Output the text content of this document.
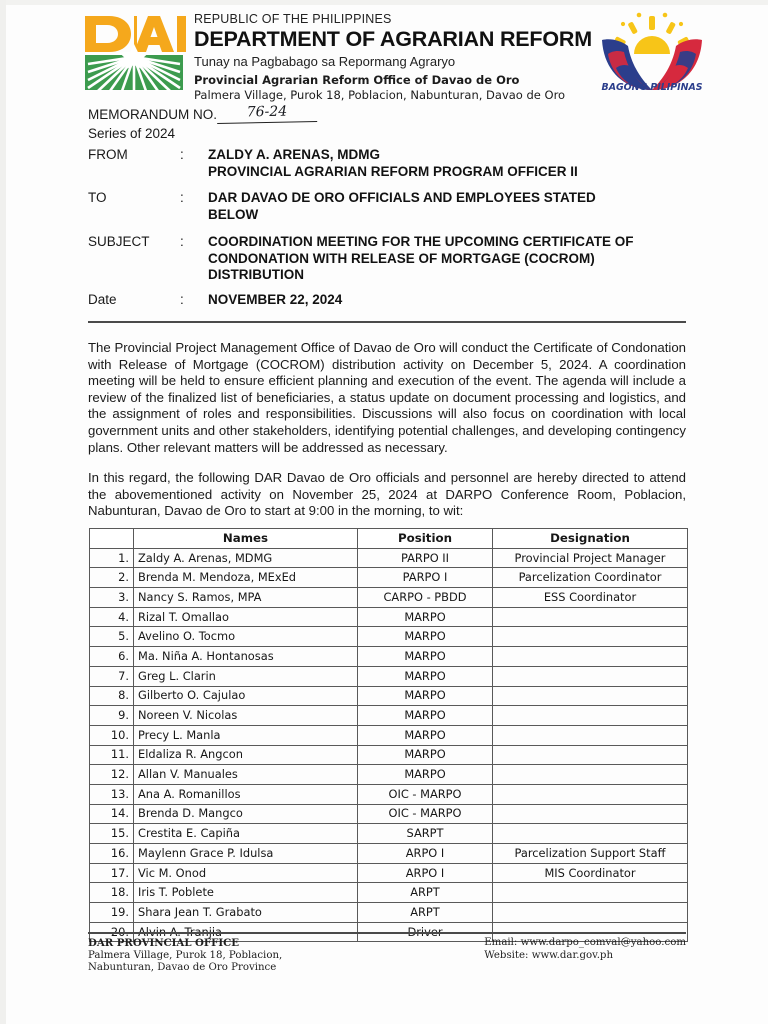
REPUBLIC OF THE PHILIPPINES
DEPARTMENT OF AGRARIAN REFORM
Tunay na Pagbabago sa Repormang Agraryo
Provincial Agrarian Reform Office of Davao de Oro
Palmera Village, Purok 18, Poblacion, Nabunturan, Davao de Oro
BAGONG PILIPINAS
MEMORANDUM NO.	76-24
Series of 2024
FROM	:	ZALDY A. ARENAS, MDMG
PROVINCIAL AGRARIAN REFORM PROGRAM OFFICER II
TO	:	DAR DAVAO DE ORO OFFICIALS AND EMPLOYEES STATED BELOW
SUBJECT	:	COORDINATION MEETING FOR THE UPCOMING CERTIFICATE OF CONDONATION WITH RELEASE OF MORTGAGE (COCROM) DISTRIBUTION
Date	:	NOVEMBER 22, 2024
The Provincial Project Management Office of Davao de Oro will conduct the Certificate of Condonation with Release of Mortgage (COCROM) distribution activity on December 5, 2024. A coordination meeting will be held to ensure efficient planning and execution of the event. The agenda will include a review of the finalized list of beneficiaries, a status update on document processing and logistics, and the assignment of roles and responsibilities. Discussions will also focus on coordination with local government units and other stakeholders, identifying potential challenges, and developing contingency plans. Other relevant matters will be addressed as necessary.
In this regard, the following DAR Davao de Oro officials and personnel are hereby directed to attend the abovementioned activity on November 25, 2024 at DARPO Conference Room, Poblacion, Nabunturan, Davao de Oro to start at 9:00 in the morning, to wit:
	Names	Position	Designation
1.	Zaldy A. Arenas, MDMG	PARPO II	Provincial Project Manager
2.	Brenda M. Mendoza, MExEd	PARPO I	Parcelization Coordinator
3.	Nancy S. Ramos, MPA	CARPO - PBDD	ESS Coordinator
4.	Rizal T. Omallao	MARPO	
5.	Avelino O. Tocmo	MARPO	
6.	Ma. Niña A. Hontanosas	MARPO	
7.	Greg L. Clarin	MARPO	
8.	Gilberto O. Cajulao	MARPO	
9.	Noreen V. Nicolas	MARPO	
10.	Precy L. Manla	MARPO	
11.	Eldaliza R. Angcon	MARPO	
12.	Allan V. Manuales	MARPO	
13.	Ana A. Romanillos	OIC - MARPO	
14.	Brenda D. Mangco	OIC - MARPO	
15.	Crestita E. Capiña	SARPT	
16.	Maylenn Grace P. Idulsa	ARPO I	Parcelization Support Staff
17.	Vic M. Onod	ARPO I	MIS Coordinator
18.	Iris T. Poblete	ARPT	
19.	Shara Jean T. Grabato	ARPT	
20.	Alvin A. Tranjia	Driver	
DAR PROVINCIAL OFFICE
Palmera Village, Purok 18, Poblacion,
Nabunturan, Davao de Oro Province
Email: www.darpo_comval@yahoo.com
Website: www.dar.gov.ph
